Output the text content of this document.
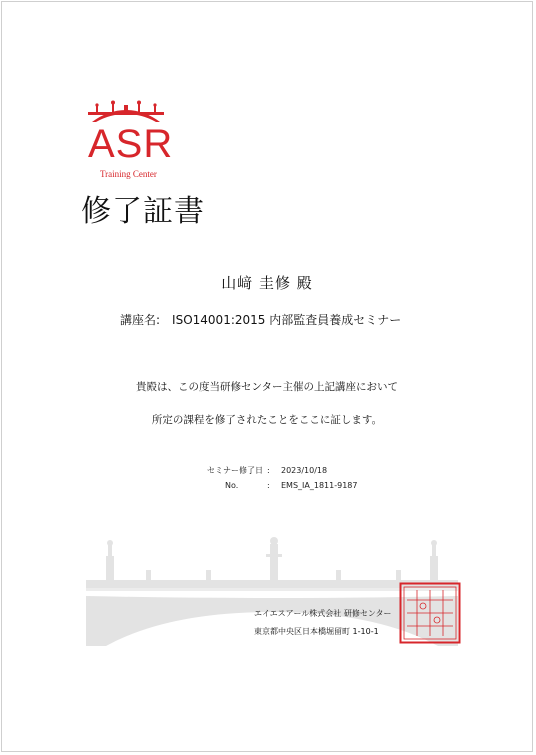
ASR
Training Center
修了証書
山﨑 圭修 殿
講座名: ISO14001:2015 内部監査員養成セミナー
貴殿は、この度当研修センター主催の上記講座において
所定の課程を修了されたことをここに証します。
セミナー修了日 :	2023/10/18
No.	:	EMS_IA_1811-9187
エイエスアール株式会社 研修センター
東京都中央区日本橋堀留町 1-10-1
